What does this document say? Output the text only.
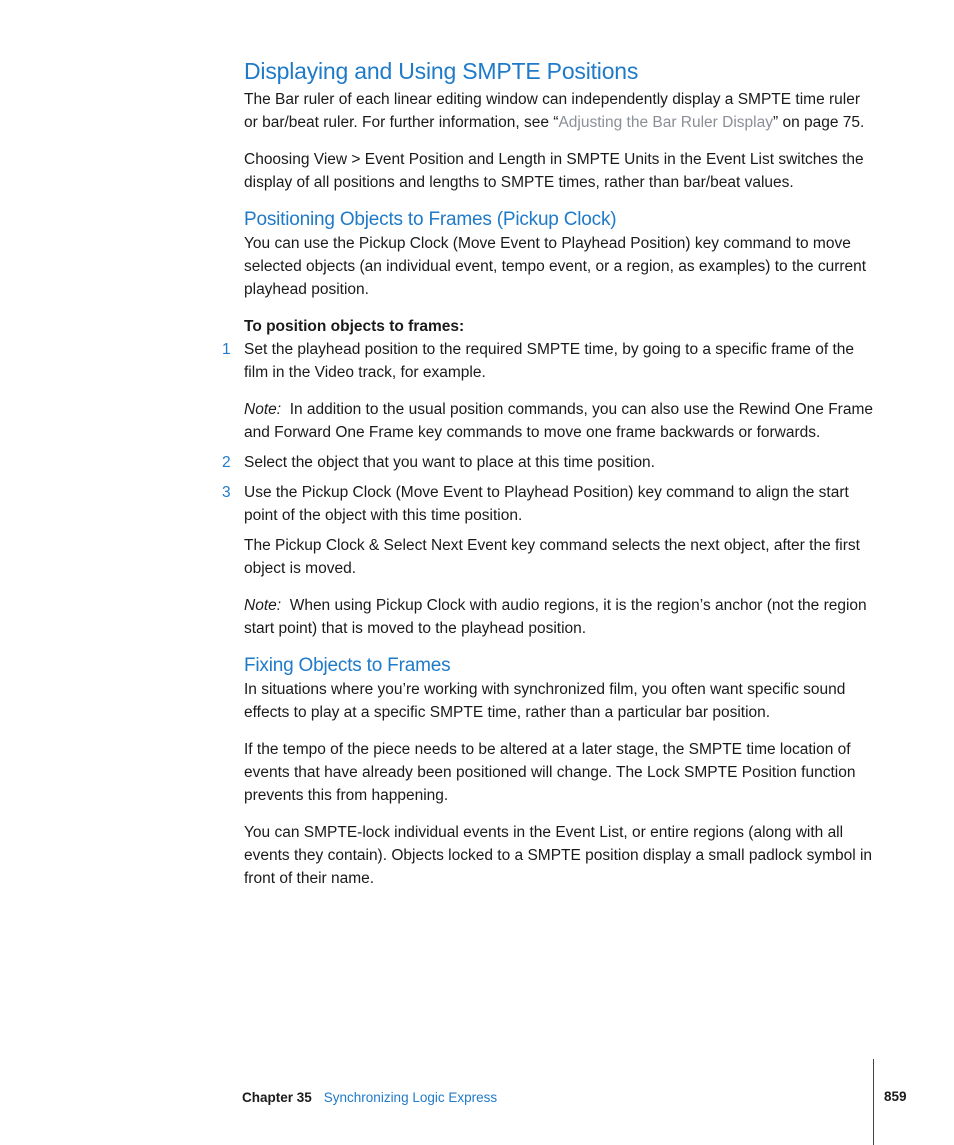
Displaying and Using SMPTE Positions

The Bar ruler of each linear editing window can independently display a SMPTE time ruler or bar/beat ruler. For further information, see “Adjusting the Bar Ruler Display” on page 75.

Choosing View > Event Position and Length in SMPTE Units in the Event List switches the display of all positions and lengths to SMPTE times, rather than bar/beat values.

Positioning Objects to Frames (Pickup Clock)

You can use the Pickup Clock (Move Event to Playhead Position) key command to move selected objects (an individual event, tempo event, or a region, as examples) to the current playhead position.

To position objects to frames:

1 Set the playhead position to the required SMPTE time, by going to a specific frame of the film in the Video track, for example.

Note: In addition to the usual position commands, you can also use the Rewind One Frame and Forward One Frame key commands to move one frame backwards or forwards.

2 Select the object that you want to place at this time position.

3 Use the Pickup Clock (Move Event to Playhead Position) key command to align the start point of the object with this time position.

The Pickup Clock & Select Next Event key command selects the next object, after the first object is moved.

Note: When using Pickup Clock with audio regions, it is the region’s anchor (not the region start point) that is moved to the playhead position.

Fixing Objects to Frames

In situations where you’re working with synchronized film, you often want specific sound effects to play at a specific SMPTE time, rather than a particular bar position.

If the tempo of the piece needs to be altered at a later stage, the SMPTE time location of events that have already been positioned will change. The Lock SMPTE Position function prevents this from happening.

You can SMPTE-lock individual events in the Event List, or entire regions (along with all events they contain). Objects locked to a SMPTE position display a small padlock symbol in front of their name.

Chapter 35 Synchronizing Logic Express	859
